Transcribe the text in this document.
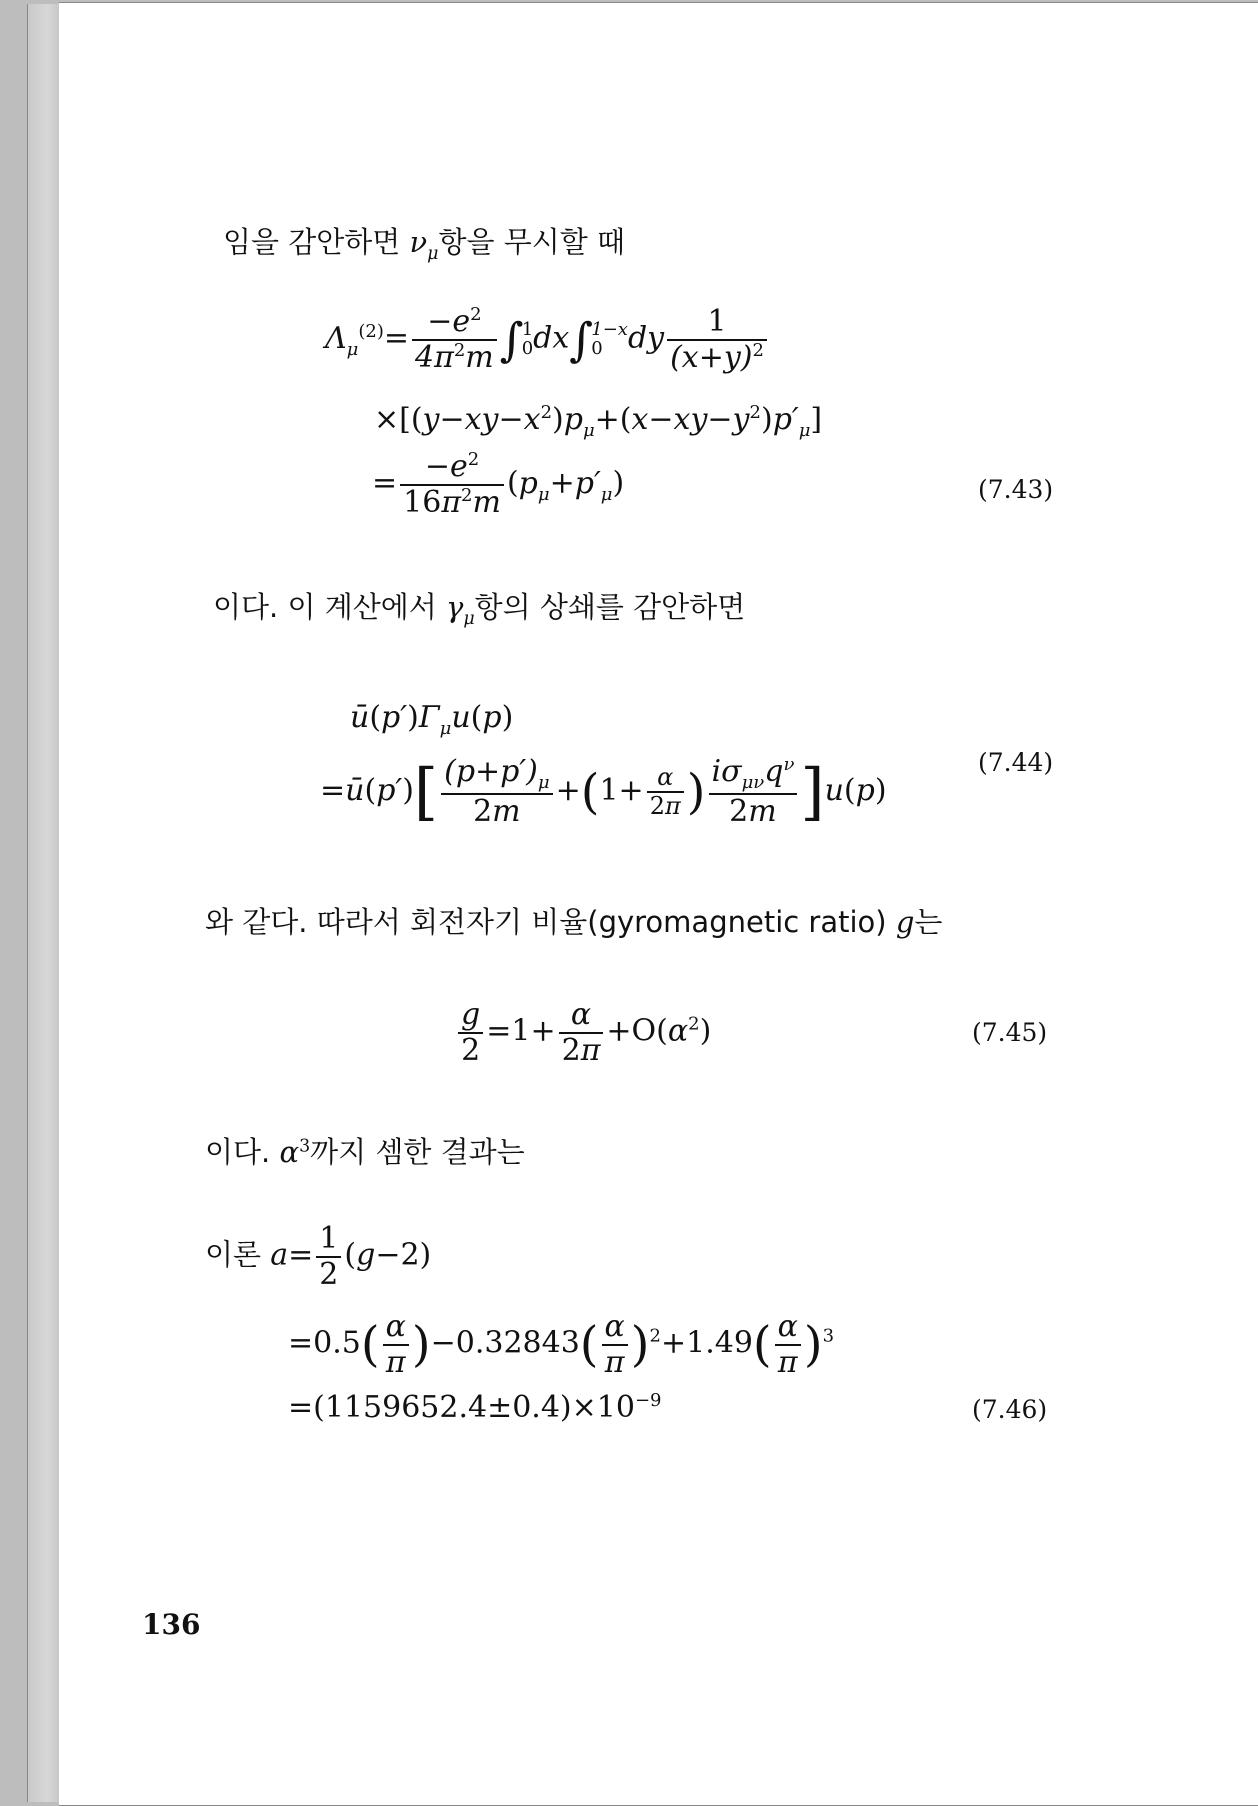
임을 감안하면 $\nu_\mu$항을 무시할 때
$\Lambda_\mu^{(2)}= \frac{-e^2}{4\pi^2m} \int 1$
0dx∫1−x
0 dy $\frac{1}{(x+y)^2}$
$\times[(y-xy-x^2)p_\mu+(x-xy-y^2)p'_\mu]$
= $\frac{-e^2}{16\pi^2m} (p_\mu+p'_\mu)$	(7.43)
이다. 이 계산에서 $\gamma_\mu$항의 상쇄를 감안하면
$ū(p')\Gamma_\mu u(p)$
=ū(p′)[ $\frac{(p+p')_\mu}{2m} +(1+ \frac{\alpha}{2\pi}$ ) $\frac{i\sigma_{\mu\nu}q^\nu}{2m} ]u(p)$
(7.44)
와 같다. 따라서 회전자기 비율(gyromagnetic ratio) g는
$\frac{g}{2} =1+ \frac{\alpha}{2\pi} +O(\alpha^2)$	(7.45)
이다. $\alpha^3$까지 셈한 결과는
이론 $a= \frac{1}{2} (g-2)$
$=0.5( \frac{\alpha}{\pi} )-0.32843( \frac{\alpha}{\pi} )^2+1.49( \frac{\alpha}{\pi} )^3$
$=(1159652.4\pm 0.4)\times 10^{-9}$	(7.46)
136
